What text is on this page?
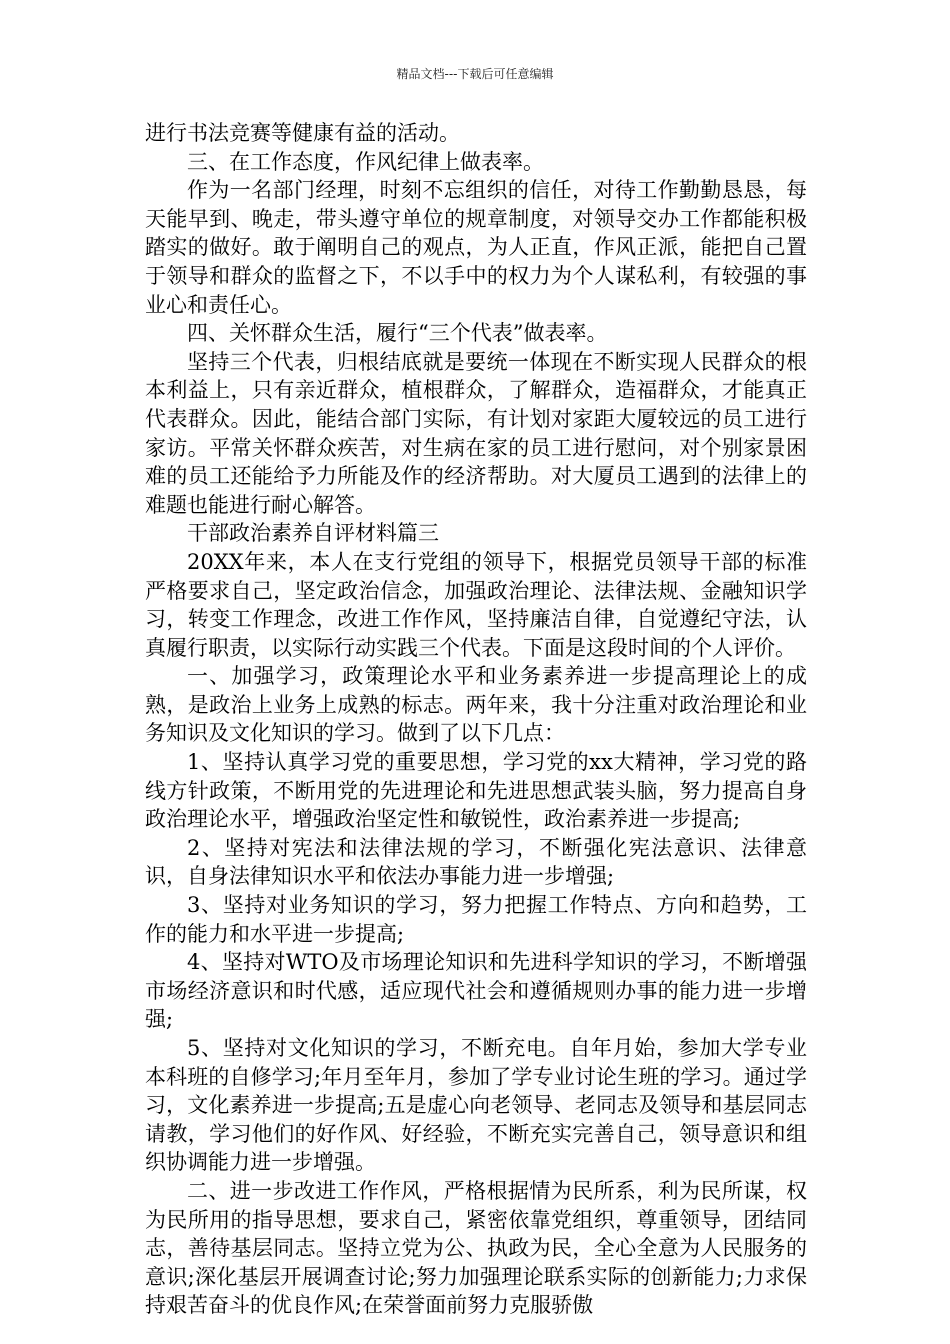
精品文档---下载后可任意编辑

进行书法竞赛等健康有益的活动。

三、在工作态度，作风纪律上做表率。

作为一名部门经理，时刻不忘组织的信任，对待工作勤勤恳恳，每天能早到、晚走，带头遵守单位的规章制度，对领导交办工作都能积极踏实的做好。敢于阐明自己的观点，为人正直，作风正派，能把自己置于领导和群众的监督之下，不以手中的权力为个人谋私利，有较强的事业心和责任心。

四、关怀群众生活，履行“三个代表”做表率。

坚持三个代表，归根结底就是要统一体现在不断实现人民群众的根本利益上，只有亲近群众，植根群众，了解群众，造福群众，才能真正代表群众。因此，能结合部门实际，有计划对家距大厦较远的员工进行家访。平常关怀群众疾苦，对生病在家的员工进行慰问，对个别家景困难的员工还能给予力所能及作的经济帮助。对大厦员工遇到的法律上的难题也能进行耐心解答。

干部政治素养自评材料篇三

20XX年来，本人在支行党组的领导下，根据党员领导干部的标准严格要求自己，坚定政治信念，加强政治理论、法律法规、金融知识学习，转变工作理念，改进工作作风，坚持廉洁自律，自觉遵纪守法，认真履行职责，以实际行动实践三个代表。下面是这段时间的个人评价。

一、加强学习，政策理论水平和业务素养进一步提高理论上的成熟，是政治上业务上成熟的标志。两年来，我十分注重对政治理论和业务知识及文化知识的学习。做到了以下几点：

1、坚持认真学习党的重要思想，学习党的xx大精神，学习党的路线方针政策，不断用党的先进理论和先进思想武装头脑，努力提高自身政治理论水平，增强政治坚定性和敏锐性，政治素养进一步提高;

2、坚持对宪法和法律法规的学习，不断强化宪法意识、法律意识，自身法律知识水平和依法办事能力进一步增强;

3、坚持对业务知识的学习，努力把握工作特点、方向和趋势，工作的能力和水平进一步提高;

4、坚持对WTO及市场理论知识和先进科学知识的学习，不断增强市场经济意识和时代感，适应现代社会和遵循规则办事的能力进一步增强;

5、坚持对文化知识的学习，不断充电。自年月始，参加大学专业本科班的自修学习;年月至年月，参加了学专业讨论生班的学习。通过学习，文化素养进一步提高;五是虚心向老领导、老同志及领导和基层同志请教，学习他们的好作风、好经验，不断充实完善自己，领导意识和组织协调能力进一步增强。

二、进一步改进工作作风，严格根据情为民所系，利为民所谋，权为民所用的指导思想，要求自己，紧密依靠党组织，尊重领导，团结同志，善待基层同志。坚持立党为公、执政为民，全心全意为人民服务的意识;深化基层开展调查讨论;努力加强理论联系实际的创新能力;力求保持艰苦奋斗的优良作风;在荣誉面前努力克服骄傲
